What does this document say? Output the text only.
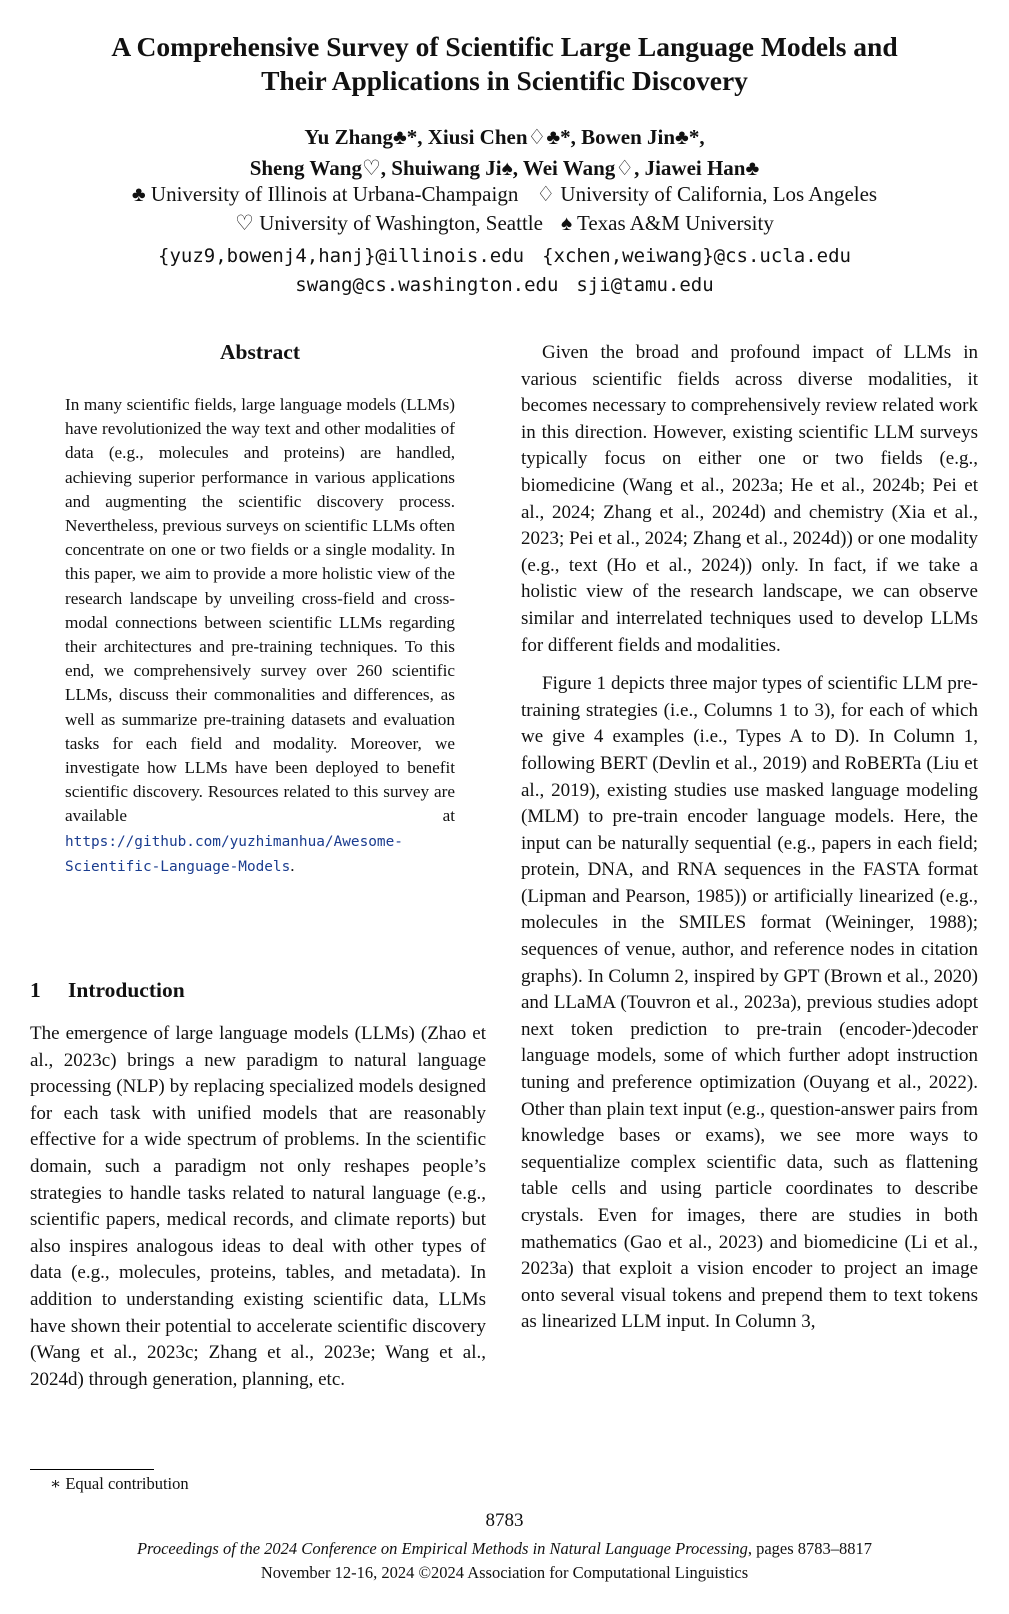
A Comprehensive Survey of Scientific Large Language Models and
Their Applications in Scientific Discovery
Yu Zhang♣*, Xiusi Chen♢♣*, Bowen Jin♣*,
Sheng Wang♡, Shuiwang Ji♠, Wei Wang♢, Jiawei Han♣
♣ University of Illinois at Urbana-Champaign ♢ University of California, Los Angeles
♡ University of Washington, Seattle ♠ Texas A&M University
{yuz9,bowenj4,hanj}@illinois.edu {xchen,weiwang}@cs.ucla.edu
swang@cs.washington.edu sji@tamu.edu
Abstract
In many scientific fields, large language models (LLMs) have revolutionized the way text and other modalities of data (e.g., molecules and proteins) are handled, achieving superior performance in various applications and augmenting the scientific discovery process. Nevertheless, previous surveys on scientific LLMs often concentrate on one or two fields or a single modality. In this paper, we aim to provide a more holistic view of the research landscape by unveiling cross-field and cross-modal connections between scientific LLMs regarding their architectures and pre-training techniques. To this end, we comprehensively survey over 260 scientific LLMs, discuss their commonalities and differences, as well as summarize pre-training datasets and evaluation tasks for each field and modality. Moreover, we investigate how LLMs have been deployed to benefit scientific discovery. Resources related to this survey are available at https://github.com/yuzhimanhua/Awesome-Scientific-Language-Models.
1 Introduction
The emergence of large language models (LLMs) (Zhao et al., 2023c) brings a new paradigm to natural language processing (NLP) by replacing specialized models designed for each task with unified models that are reasonably effective for a wide spectrum of problems. In the scientific domain, such a paradigm not only reshapes people’s strategies to handle tasks related to natural language (e.g., scientific papers, medical records, and climate reports) but also inspires analogous ideas to deal with other types of data (e.g., molecules, proteins, tables, and metadata). In addition to understanding existing scientific data, LLMs have shown their potential to accelerate scientific discovery (Wang et al., 2023c; Zhang et al., 2023e; Wang et al., 2024d) through generation, planning, etc.

Given the broad and profound impact of LLMs in various scientific fields across diverse modalities, it becomes necessary to comprehensively review related work in this direction. However, existing scientific LLM surveys typically focus on either one or two fields (e.g., biomedicine (Wang et al., 2023a; He et al., 2024b; Pei et al., 2024; Zhang et al., 2024d) and chemistry (Xia et al., 2023; Pei et al., 2024; Zhang et al., 2024d)) or one modality (e.g., text (Ho et al., 2024)) only. In fact, if we take a holistic view of the research landscape, we can observe similar and interrelated techniques used to develop LLMs for different fields and modalities.

Figure 1 depicts three major types of scientific LLM pre-training strategies (i.e., Columns 1 to 3), for each of which we give 4 examples (i.e., Types A to D). In Column 1, following BERT (Devlin et al., 2019) and RoBERTa (Liu et al., 2019), existing studies use masked language modeling (MLM) to pre-train encoder language models. Here, the input can be naturally sequential (e.g., papers in each field; protein, DNA, and RNA sequences in the FASTA format (Lipman and Pearson, 1985)) or artificially linearized (e.g., molecules in the SMILES format (Weininger, 1988); sequences of venue, author, and reference nodes in citation graphs). In Column 2, inspired by GPT (Brown et al., 2020) and LLaMA (Touvron et al., 2023a), previous studies adopt next token prediction to pre-train (encoder-)decoder language models, some of which further adopt instruction tuning and preference optimization (Ouyang et al., 2022). Other than plain text input (e.g., question-answer pairs from knowledge bases or exams), we see more ways to sequentialize complex scientific data, such as flattening table cells and using particle coordinates to describe crystals. Even for images, there are studies in both mathematics (Gao et al., 2023) and biomedicine (Li et al., 2023a) that exploit a vision encoder to project an image onto several visual tokens and prepend them to text tokens as linearized LLM input. In Column 3,

∗ Equal contribution
8783
Proceedings of the 2024 Conference on Empirical Methods in Natural Language Processing, pages 8783–8817
November 12-16, 2024 ©2024 Association for Computational Linguistics
